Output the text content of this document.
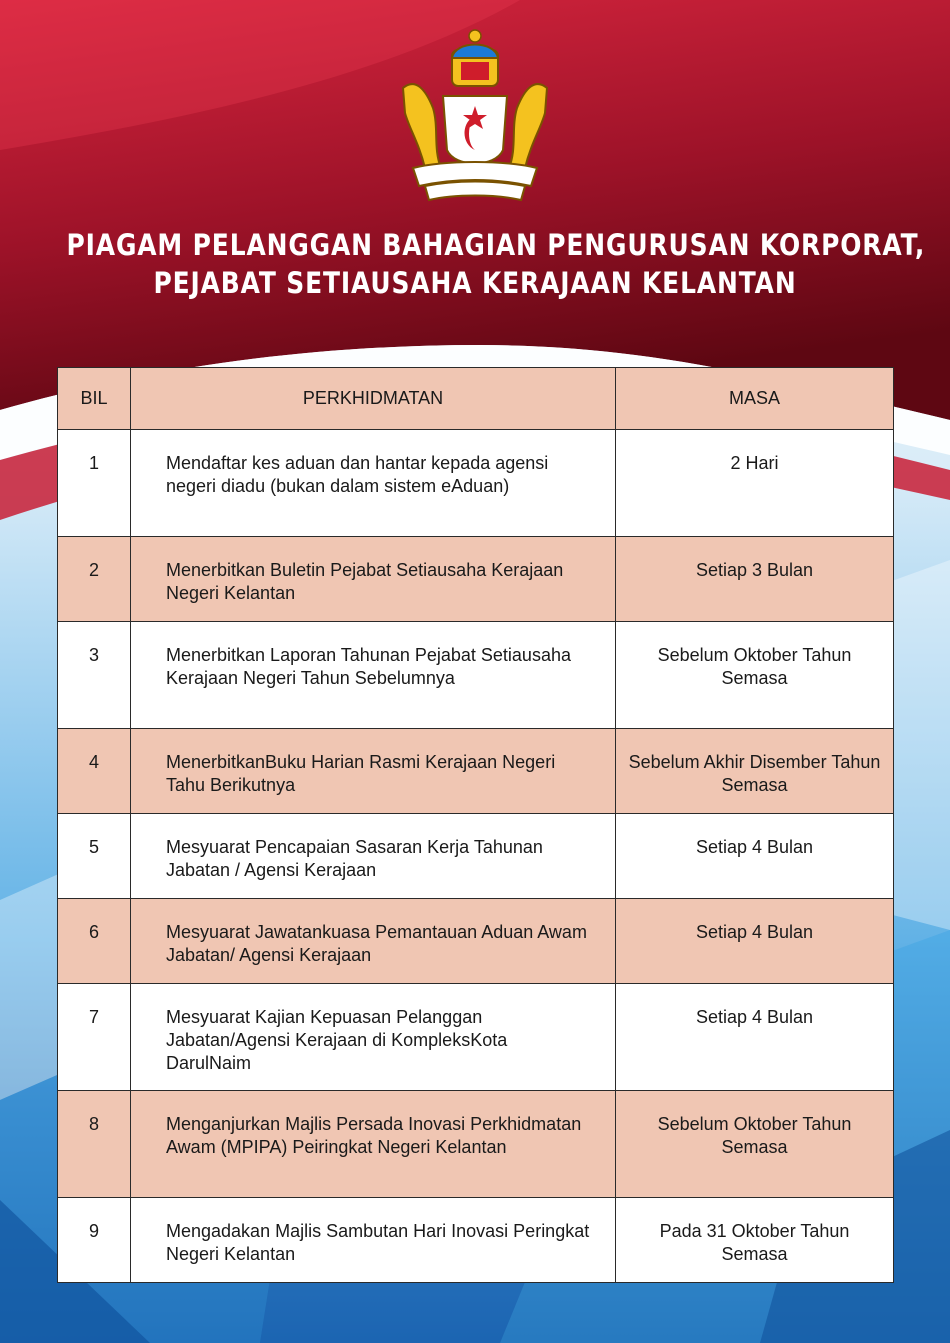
PIAGAM PELANGGAN BAHAGIAN PENGURUSAN KORPORAT,
PEJABAT SETIAUSAHA KERAJAAN KELANTAN
BIL	PERKHIDMATAN	MASA
1	Mendaftar kes aduan dan hantar kepada agensi negeri diadu (bukan dalam sistem eAduan)	2 Hari
2	Menerbitkan Buletin Pejabat Setiausaha Kerajaan Negeri Kelantan	Setiap 3 Bulan
3	Menerbitkan Laporan Tahunan Pejabat Setiausaha Kerajaan Negeri Tahun Sebelumnya	Sebelum Oktober Tahun Semasa
4	MenerbitkanBuku Harian Rasmi Kerajaan Negeri Tahu Berikutnya	Sebelum Akhir Disember Tahun Semasa
5	Mesyuarat Pencapaian Sasaran Kerja Tahunan Jabatan / Agensi Kerajaan	Setiap 4 Bulan
6	Mesyuarat Jawatankuasa Pemantauan Aduan Awam Jabatan/ Agensi Kerajaan	Setiap 4 Bulan
7	Mesyuarat Kajian Kepuasan Pelanggan Jabatan/Agensi Kerajaan di KompleksKota DarulNaim	Setiap 4 Bulan
8	Menganjurkan Majlis Persada Inovasi Perkhidmatan Awam (MPIPA) Peiringkat Negeri Kelantan	Sebelum Oktober Tahun Semasa
9	Mengadakan Majlis Sambutan Hari Inovasi Peringkat Negeri Kelantan	Pada 31 Oktober Tahun Semasa
